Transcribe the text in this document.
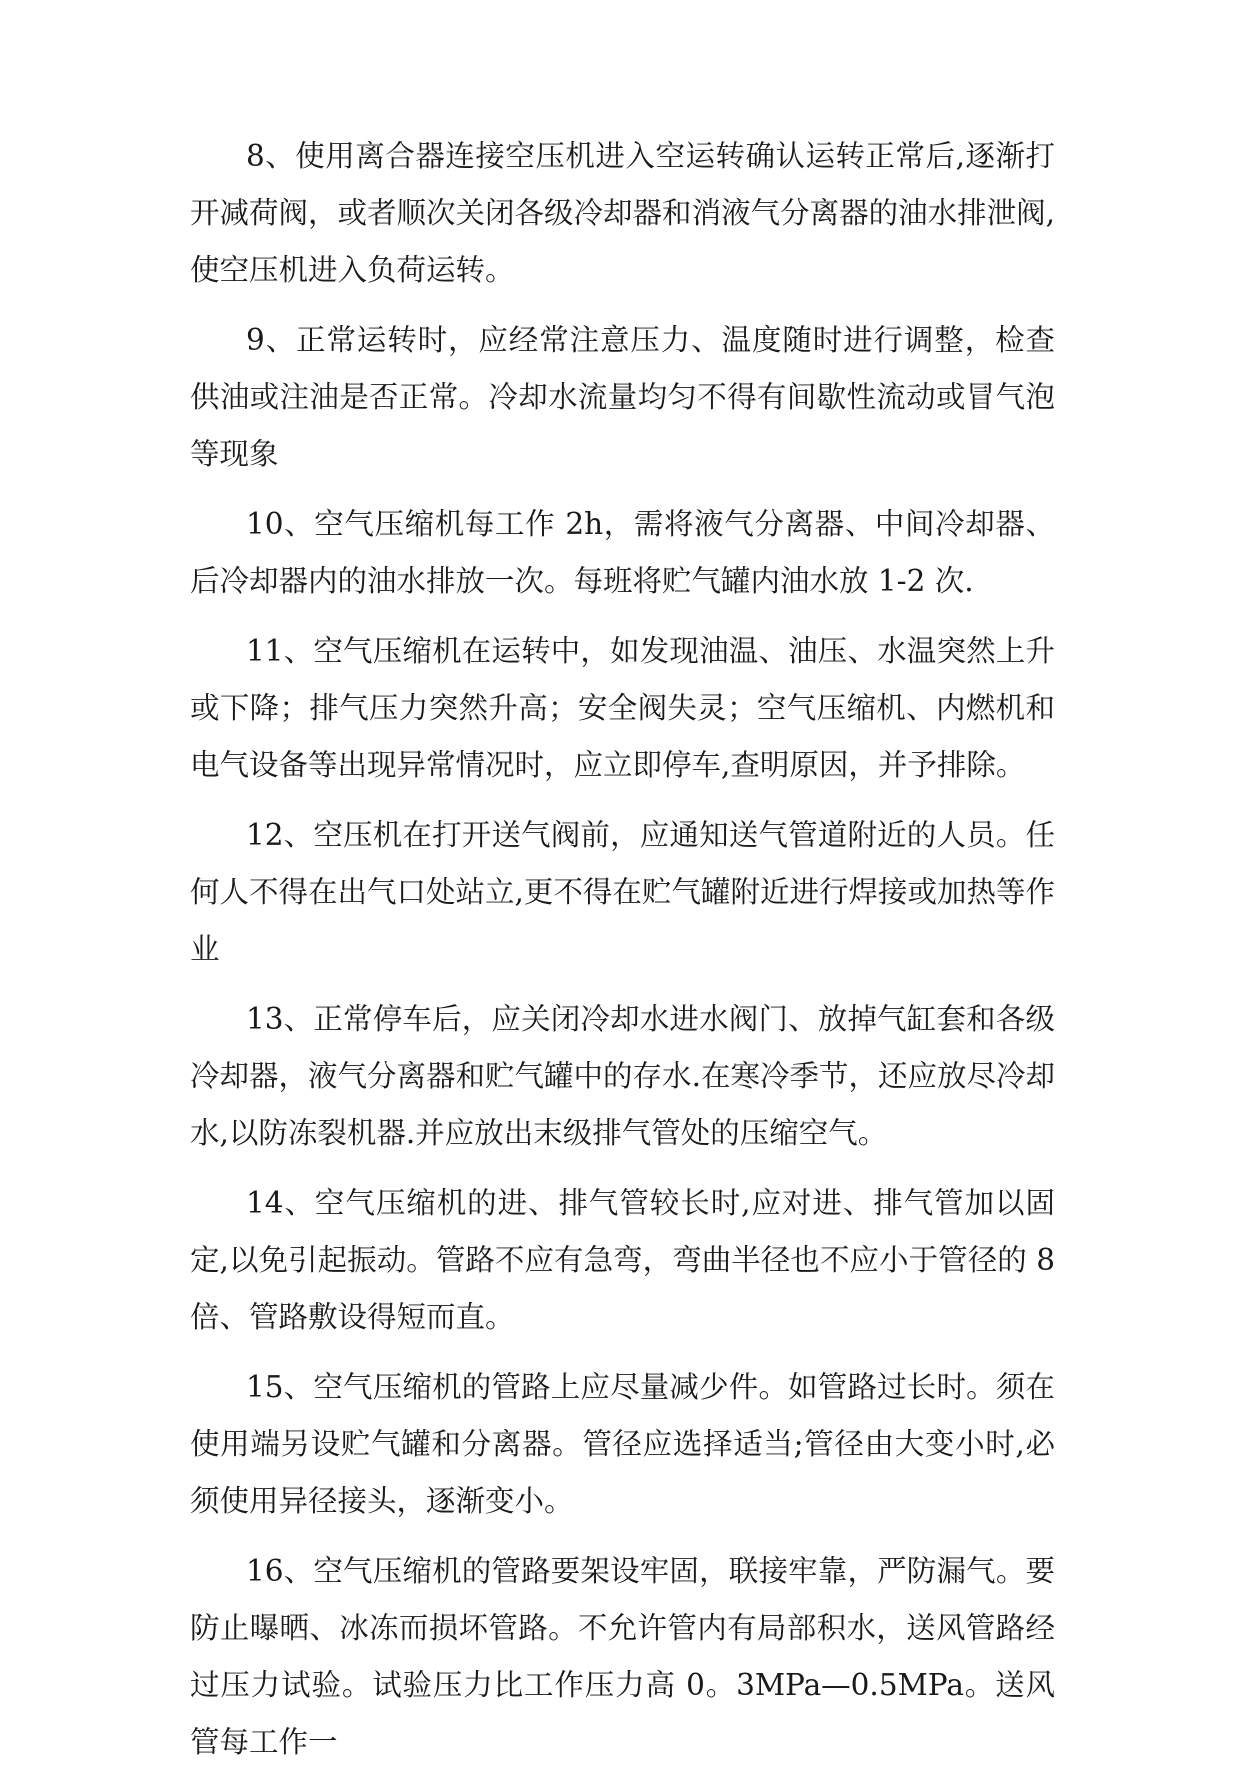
8、使用离合器连接空压机进入空运转确认运转正常后,逐渐打开减荷阀，或者顺次关闭各级冷却器和消液气分离器的油水排泄阀,使空压机进入负荷运转。

9、正常运转时，应经常注意压力、温度随时进行调整，检查供油或注油是否正常。冷却水流量均匀不得有间歇性流动或冒气泡等现象

10、空气压缩机每工作 2h，需将液气分离器、中间冷却器、后冷却器内的油水排放一次。每班将贮气罐内油水放 1-2 次.

11、空气压缩机在运转中，如发现油温、油压、水温突然上升或下降；排气压力突然升高；安全阀失灵；空气压缩机、内燃机和电气设备等出现异常情况时，应立即停车,查明原因，并予排除。

12、空压机在打开送气阀前，应通知送气管道附近的人员。任何人不得在出气口处站立,更不得在贮气罐附近进行焊接或加热等作业

13、正常停车后，应关闭冷却水进水阀门、放掉气缸套和各级冷却器，液气分离器和贮气罐中的存水.在寒冷季节，还应放尽冷却水,以防冻裂机器.并应放出末级排气管处的压缩空气。

14、空气压缩机的进、排气管较长时,应对进、排气管加以固定,以免引起振动。管路不应有急弯，弯曲半径也不应小于管径的 8 倍、管路敷设得短而直。

15、空气压缩机的管路上应尽量减少件。如管路过长时。须在使用端另设贮气罐和分离器。管径应选择适当;管径由大变小时,必须使用异径接头，逐渐变小。

16、空气压缩机的管路要架设牢固，联接牢靠，严防漏气。要防止曝晒、冰冻而损坏管路。不允许管内有局部积水，送风管路经过压力试验。试验压力比工作压力高 0。3MPa—0.5MPa。送风管每工作一
